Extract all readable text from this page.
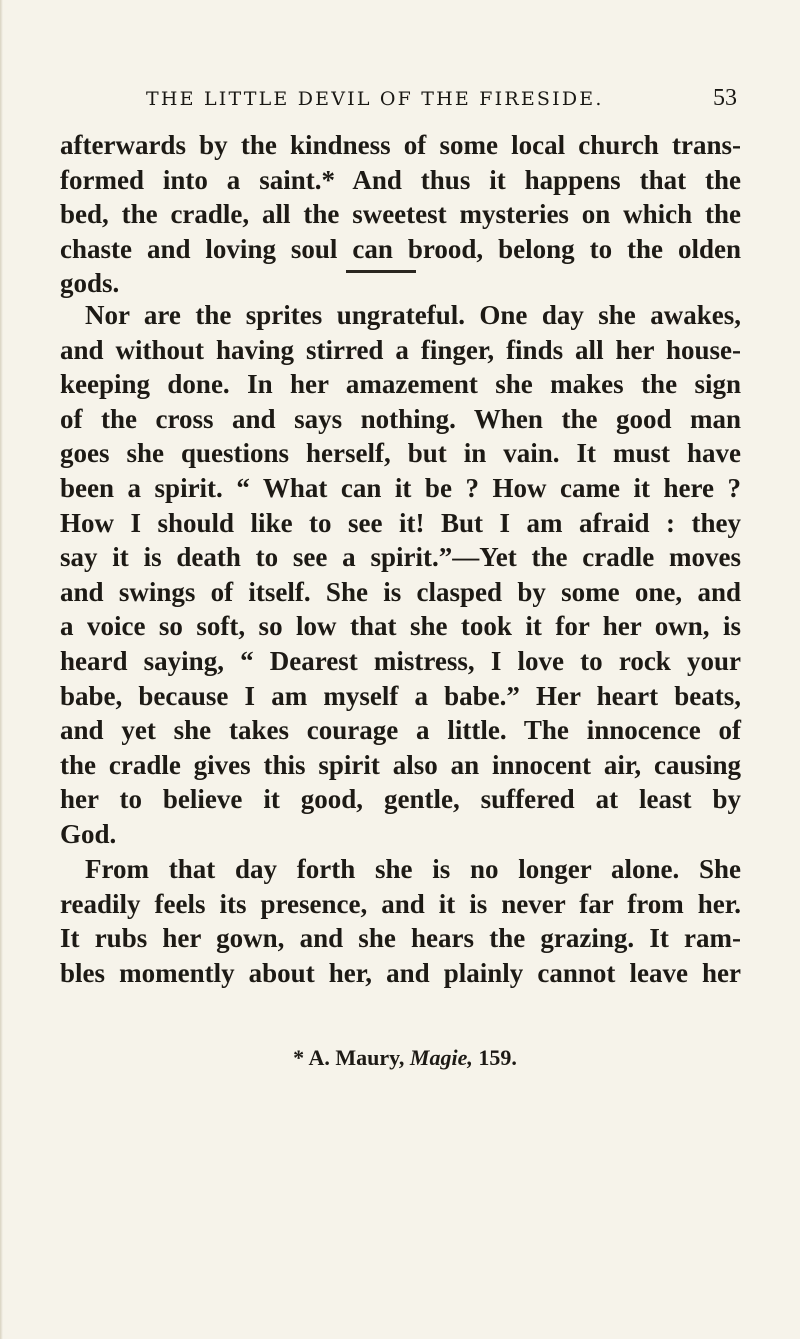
THE LITTLE DEVIL OF THE FIRESIDE.	53
afterwards by the kindness of some local church trans-
formed into a saint.* And thus it happens that the
bed, the cradle, all the sweetest mysteries on which the
chaste and loving soul can brood, belong to the olden
gods.
Nor are the sprites ungrateful. One day she awakes,
and without having stirred a finger, finds all her house-
keeping done. In her amazement she makes the sign
of the cross and says nothing. When the good man
goes she questions herself, but in vain. It must have
been a spirit. “ What can it be ? How came it here ?
How I should like to see it! But I am afraid : they
say it is death to see a spirit.”—Yet the cradle moves
and swings of itself. She is clasped by some one, and
a voice so soft, so low that she took it for her own, is
heard saying, “ Dearest mistress, I love to rock your
babe, because I am myself a babe.” Her heart beats,
and yet she takes courage a little. The innocence of
the cradle gives this spirit also an innocent air, causing
her to believe it good, gentle, suffered at least by
God.
From that day forth she is no longer alone. She
readily feels its presence, and it is never far from her.
It rubs her gown, and she hears the grazing. It ram-
bles momently about her, and plainly cannot leave her
* A. Maury, Magie, 159.
